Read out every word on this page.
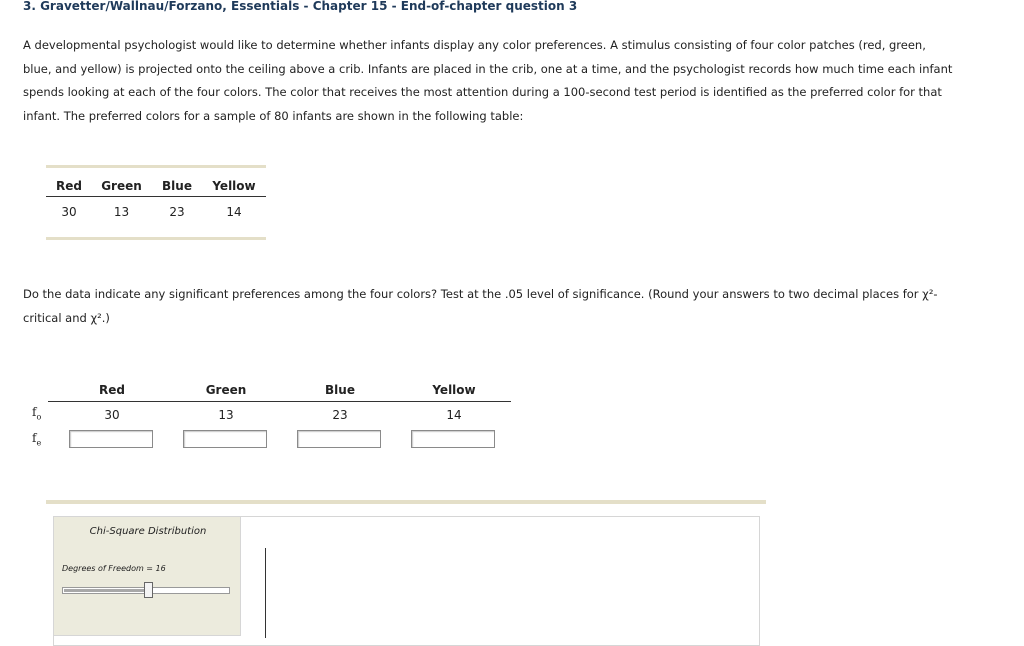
3. Gravetter/Wallnau/Forzano, Essentials - Chapter 15 - End-of-chapter question 3

A developmental psychologist would like to determine whether infants display any color preferences. A stimulus consisting of four color patches (red, green, blue, and yellow) is projected onto the ceiling above a crib. Infants are placed in the crib, one at a time, and the psychologist records how much time each infant spends looking at each of the four colors. The color that receives the most attention during a 100-second test period is identified as the preferred color for that infant. The preferred colors for a sample of 80 infants are shown in the following table:

Red	Green	Blue	Yellow
30	13	23	14

Do the data indicate any significant preferences among the four colors? Test at the .05 level of significance. (Round your answers to two decimal places for χ²-critical and χ².)

Red	Green	Blue	Yellow
$f_o$	30	13	23	14
$f_e$
Chi-Square Distribution
Degrees of Freedom = 16
